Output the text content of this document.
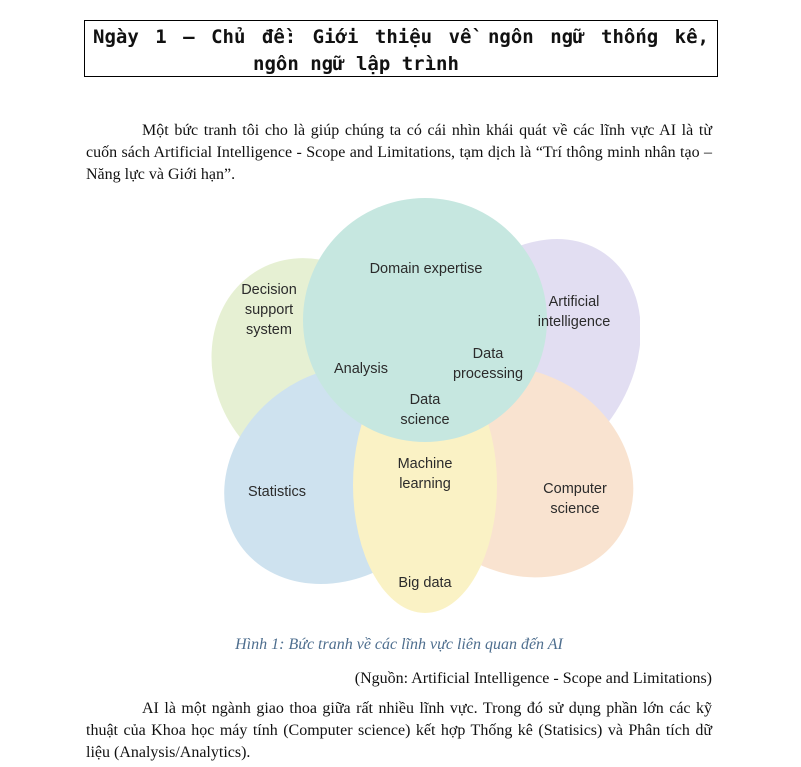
Ngày 1 – Chủ đề: Giới thiệu về ngôn ngữ thống kê,
ngôn ngữ lập trình

Một bức tranh tôi cho là giúp chúng ta có cái nhìn khái quát về các lĩnh vực AI là từ cuốn sách Artificial Intelligence - Scope and Limitations, tạm dịch là “Trí thông minh nhân tạo – Năng lực và Giới hạn”.

Domain expertise
Decision
support
system
Artificial
intelligence
Analysis
Data
processing
Data
science
Machine
learning
Statistics	Computer
science
Big data
Hình 1: Bức tranh về các lĩnh vực liên quan đến AI
(Nguồn: Artificial Intelligence - Scope and Limitations)

AI là một ngành giao thoa giữa rất nhiều lĩnh vực. Trong đó sử dụng phần lớn các kỹ thuật của Khoa học máy tính (Computer science) kết hợp Thống kê (Statisics) và Phân tích dữ liệu (Analysis/Analytics).
